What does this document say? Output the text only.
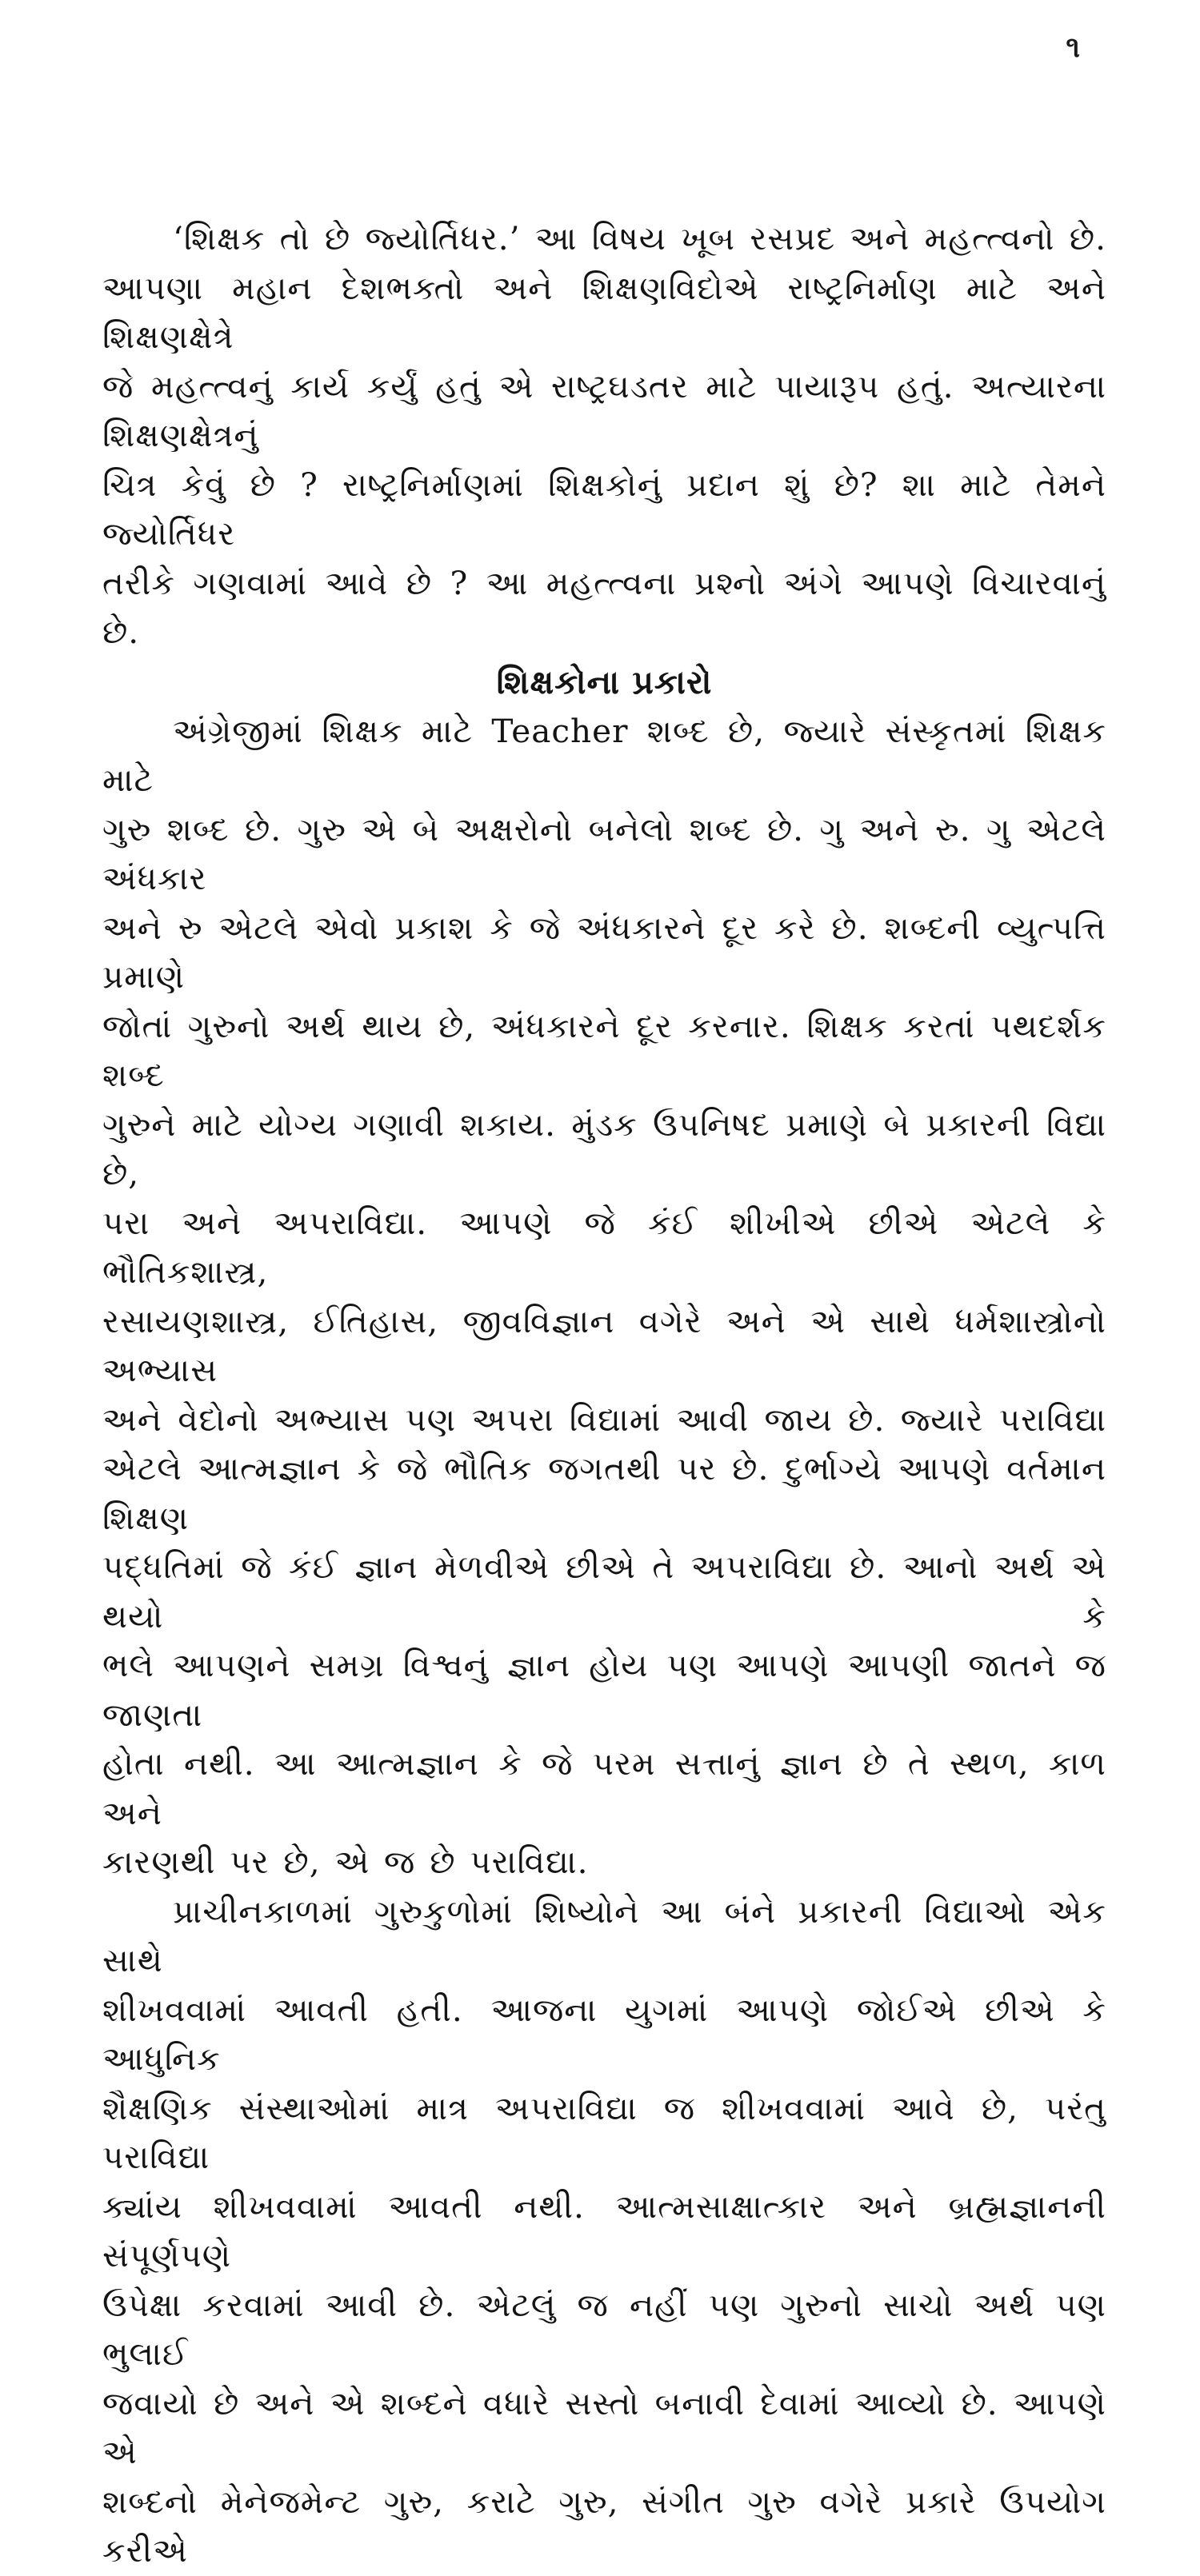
૧

‘શિક્ષક તો છે જ્યોર્તિધર.’ આ વિષય ખૂબ રસપ્રદ અને મહત્ત્વનો છે.
આપણા મહાન દેશભક્તો અને શિક્ષણવિદોએ રાષ્ટ્રનિર્માણ માટે અને શિક્ષણક્ષેત્રે
જે મહત્ત્વનું કાર્ય કર્યું હતું એ રાષ્ટ્રઘડતર માટે પાયારૂપ હતું. અત્યારના શિક્ષણક્ષેત્રનું
ચિત્ર કેવું છે ? રાષ્ટ્રનિર્માણમાં શિક્ષકોનું પ્રદાન શું છે? શા માટે તેમને જ્યોર્તિધર
તરીકે ગણવામાં આવે છે ? આ મહત્ત્વના પ્રશ્નો અંગે આપણે વિચારવાનું છે.

શિક્ષકોના પ્રકારો

અંગ્રેજીમાં શિક્ષક માટે Teacher શબ્દ છે, જ્યારે સંસ્કૃતમાં શિક્ષક માટે
ગુરુ શબ્દ છે. ગુરુ એ બે અક્ષરોનો બનેલો શબ્દ છે. ગુ અને રુ. ગુ એટલે અંધકાર
અને રુ એટલે એવો પ્રકાશ કે જે અંધકારને દૂર કરે છે. શબ્દની વ્યુત્પત્તિ પ્રમાણે
જોતાં ગુરુનો અર્થ થાય છે, અંધકારને દૂર કરનાર. શિક્ષક કરતાં પથદર્શક શબ્દ
ગુરુને માટે યોગ્ય ગણાવી શકાય. મુંડક ઉપનિષદ પ્રમાણે બે પ્રકારની વિદ્યા છે,
પરા અને અપરાવિદ્યા. આપણે જે કંઈ શીખીએ છીએ એટલે કે ભૌતિકશાસ્ત્ર,
રસાયણશાસ્ત્ર, ઈતિહાસ, જીવવિજ્ઞાન વગેરે અને એ સાથે ધર્મશાસ્ત્રોનો અભ્યાસ
અને વેદોનો અભ્યાસ પણ અપરા વિદ્યામાં આવી જાય છે. જ્યારે પરાવિદ્યા
એટલે આત્મજ્ઞાન કે જે ભૌતિક જગતથી પર છે. દુર્ભાગ્યે આપણે વર્તમાન શિક્ષણ
પદ્ધતિમાં જે કંઈ જ્ઞાન મેળવીએ છીએ તે અપરાવિદ્યા છે. આનો અર્થ એ થયો કે
ભલે આપણને સમગ્ર વિશ્વનું જ્ઞાન હોય પણ આપણે આપણી જાતને જ જાણતા
હોતા નથી. આ આત્મજ્ઞાન કે જે પરમ સત્તાનું જ્ઞાન છે તે સ્થળ, કાળ અને
કારણથી પર છે, એ જ છે પરાવિદ્યા.

પ્રાચીનકાળમાં ગુરુકુળોમાં શિષ્યોને આ બંને પ્રકારની વિદ્યાઓ એક સાથે
શીખવવામાં આવતી હતી. આજના યુગમાં આપણે જોઈએ છીએ કે આધુનિક
શૈક્ષણિક સંસ્થાઓમાં માત્ર અપરાવિદ્યા જ શીખવવામાં આવે છે, પરંતુ પરાવિદ્યા
ક્યાંય શીખવવામાં આવતી નથી. આત્મસાક્ષાત્કાર અને બ્રહ્મજ્ઞાનની સંપૂર્ણપણે
ઉપેક્ષા કરવામાં આવી છે. એટલું જ નહીં પણ ગુરુનો સાચો અર્થ પણ ભુલાઈ
જવાયો છે અને એ શબ્દને વધારે સસ્તો બનાવી દેવામાં આવ્યો છે. આપણે એ
શબ્દનો મેનેજમેન્ટ ગુરુ, કરાટે ગુરુ, સંગીત ગુરુ વગેરે પ્રકારે ઉપયોગ કરીએ
